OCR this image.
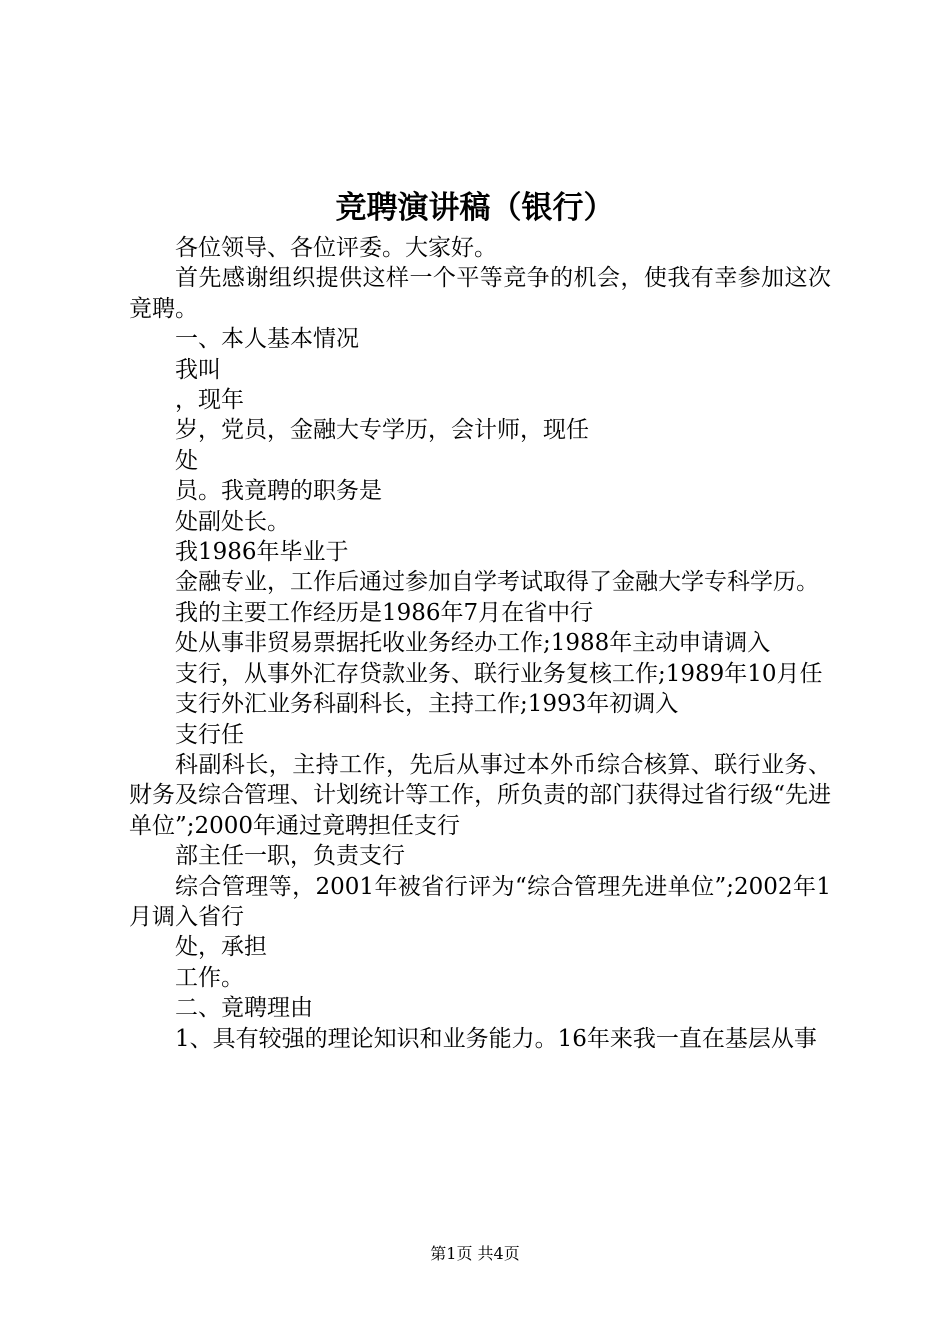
竞聘演讲稿（银行）

各位领导、各位评委。大家好。

首先感谢组织提供这样一个平等竞争的机会，使我有幸参加这次竟聘。

一、本人基本情况

我叫

，现年

岁，党员，金融大专学历，会计师，现任

处

员。我竟聘的职务是

处副处长。

我1986年毕业于

金融专业，工作后通过参加自学考试取得了金融大学专科学历。

我的主要工作经历是1986年7月在省中行

处从事非贸易票据托收业务经办工作;1988年主动申请调入

支行，从事外汇存贷款业务、联行业务复核工作;1989年10月任

支行外汇业务科副科长，主持工作;1993年初调入

支行任

科副科长，主持工作，先后从事过本外币综合核算、联行业务、财务及综合管理、计划统计等工作，所负责的部门获得过省行级“先进单位”;2000年通过竟聘担任支行

部主任一职，负责支行

综合管理等，2001年被省行评为“综合管理先进单位”;2002年1月调入省行

处，承担

工作。

二、竟聘理由

1、具有较强的理论知识和业务能力。16年来我一直在基层从事

第1页 共4页
